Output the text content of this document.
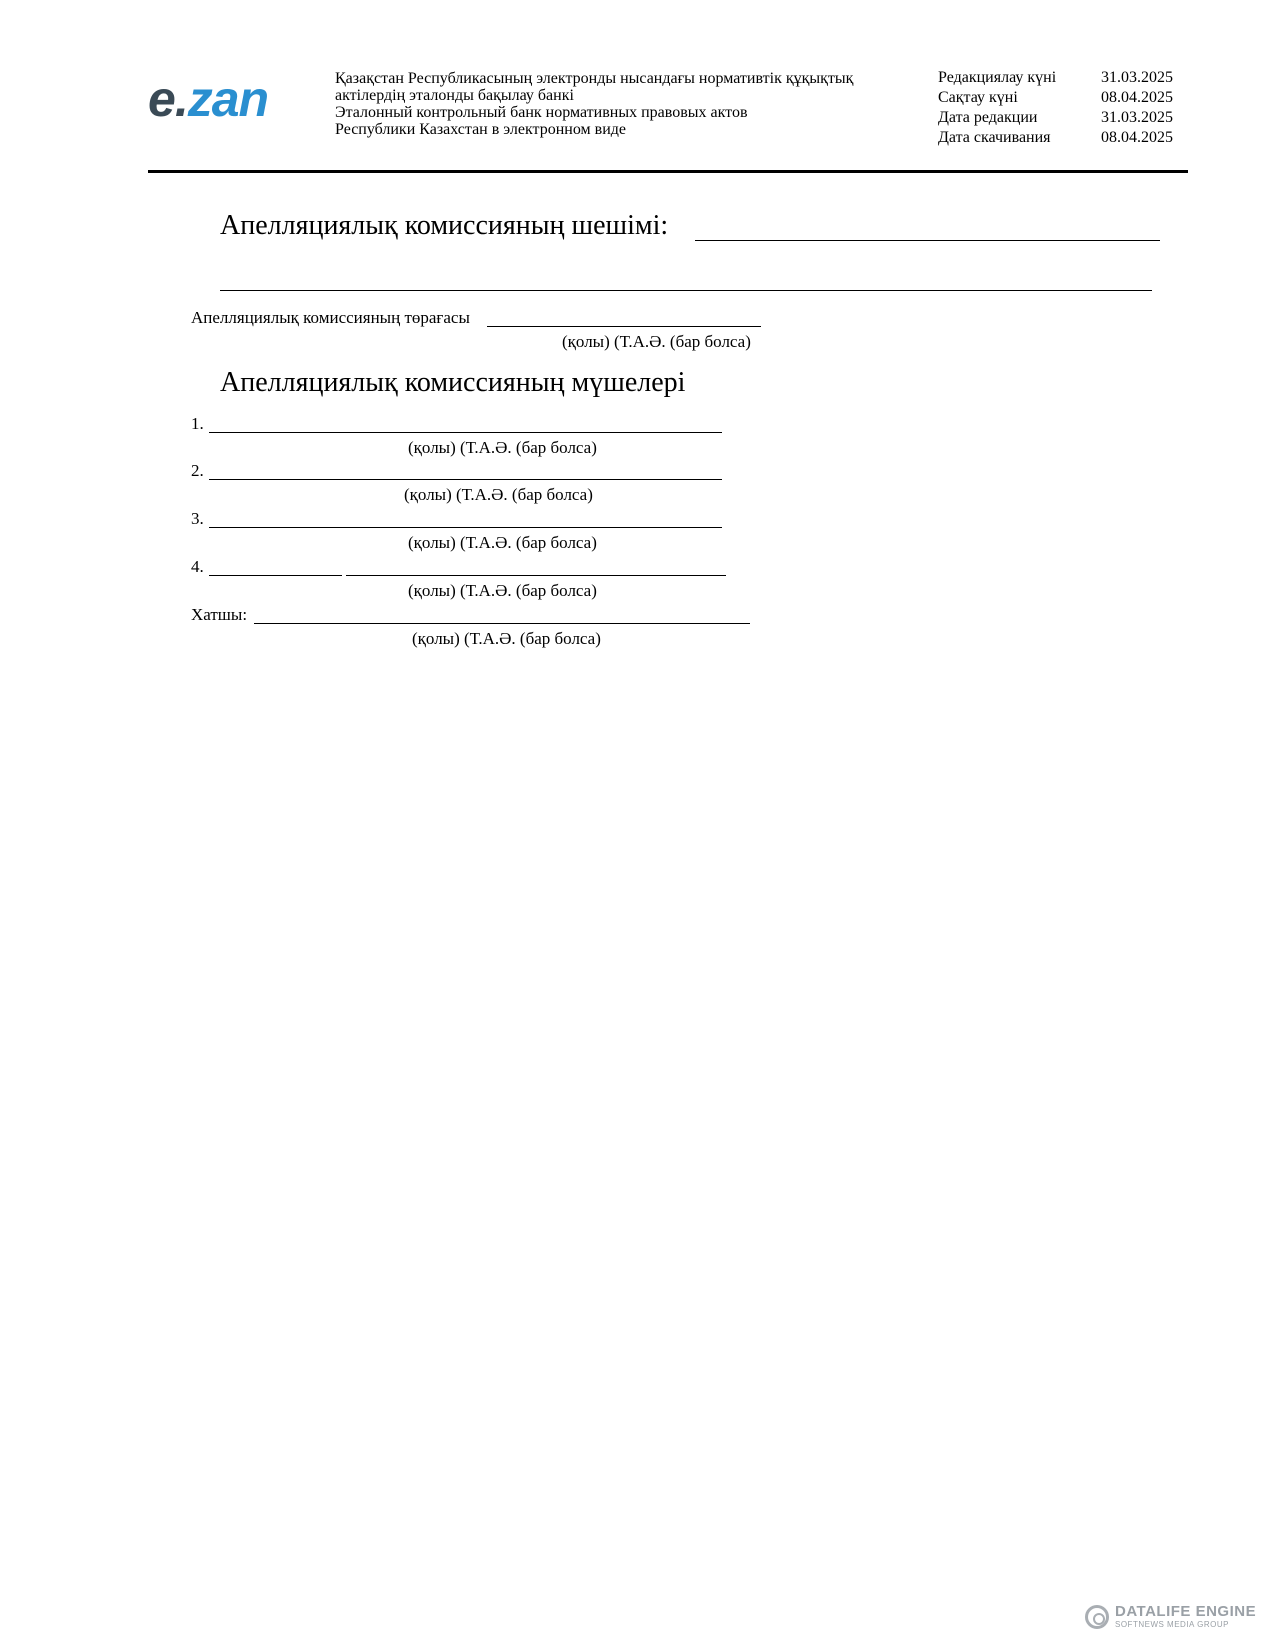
e.zan	Қазақстан Республикасының электронды нысандағы нормативтік құқықтық
актілердің эталонды бақылау банкі
Эталонный контрольный банк нормативных правовых актов
Республики Казахстан в электронном виде
Редакциялау күні	31.03.2025
Сақтау күні	08.04.2025
Дата редакции	31.03.2025
Дата скачивания	08.04.2025
Апелляциялық комиссияның шешімі:
Апелляциялық комиссияның төрағасы
(қолы) (Т.А.Ә. (бар болса)
Апелляциялық комиссияның мүшелері
1.
(қолы) (Т.А.Ә. (бар болса)
2.
(қолы) (Т.А.Ә. (бар болса)
3.
(қолы) (Т.А.Ә. (бар болса)
4.
(қолы) (Т.А.Ә. (бар болса)
Хатшы:
(қолы) (Т.А.Ә. (бар болса)
DATALIFE ENGINE
SOFTNEWS MEDIA GROUP
